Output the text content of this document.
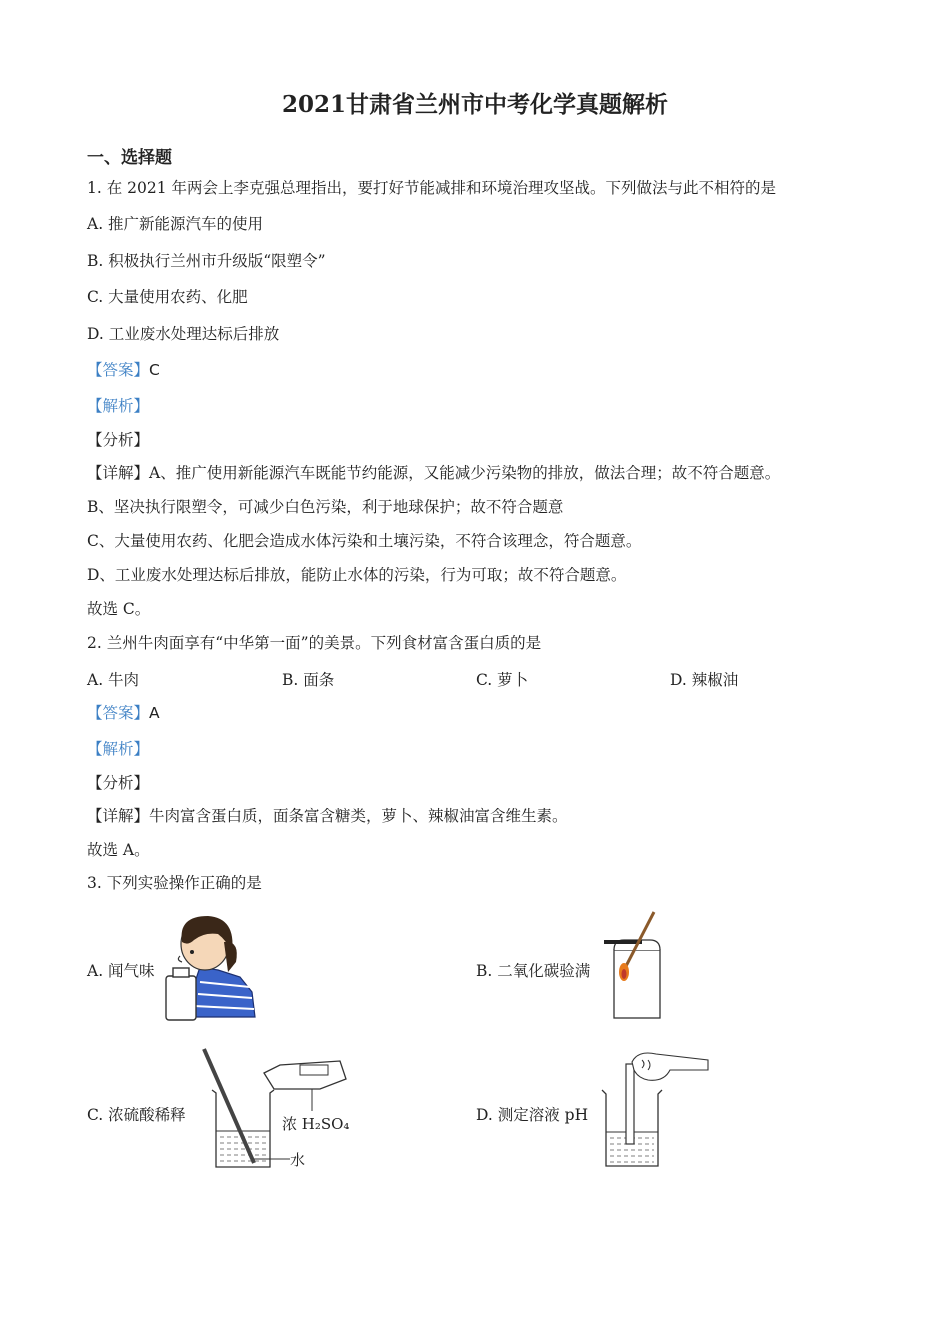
2021甘肃省兰州市中考化学真题解析
一、选择题
1. 在 2021 年两会上李克强总理指出，要打好节能减排和环境治理攻坚战。下列做法与此不相符的是
A. 推广新能源汽车的使用
B. 积极执行兰州市升级版“限塑令”
C. 大量使用农药、化肥
D. 工业废水处理达标后排放
【答案】C
【解析】
【分析】
【详解】A、推广使用新能源汽车既能节约能源，又能减少污染物的排放，做法合理；故不符合题意。
B、坚决执行限塑令，可减少白色污染，利于地球保护；故不符合题意
C、大量使用农药、化肥会造成水体污染和土壤污染，不符合该理念，符合题意。
D、工业废水处理达标后排放，能防止水体的污染，行为可取；故不符合题意。
故选 C。
2. 兰州牛肉面享有“中华第一面”的美景。下列食材富含蛋白质的是
A. 牛肉	B. 面条	C. 萝卜	D. 辣椒油
【答案】A
【解析】
【分析】
【详解】牛肉富含蛋白质，面条富含糖类，萝卜、辣椒油富含维生素。
故选 A。
3. 下列实验操作正确的是
A. 闻气味	B. 二氧化碳验满
C. 浓硫酸稀释	D. 测定溶液 pH
浓 H₂SO₄
水
